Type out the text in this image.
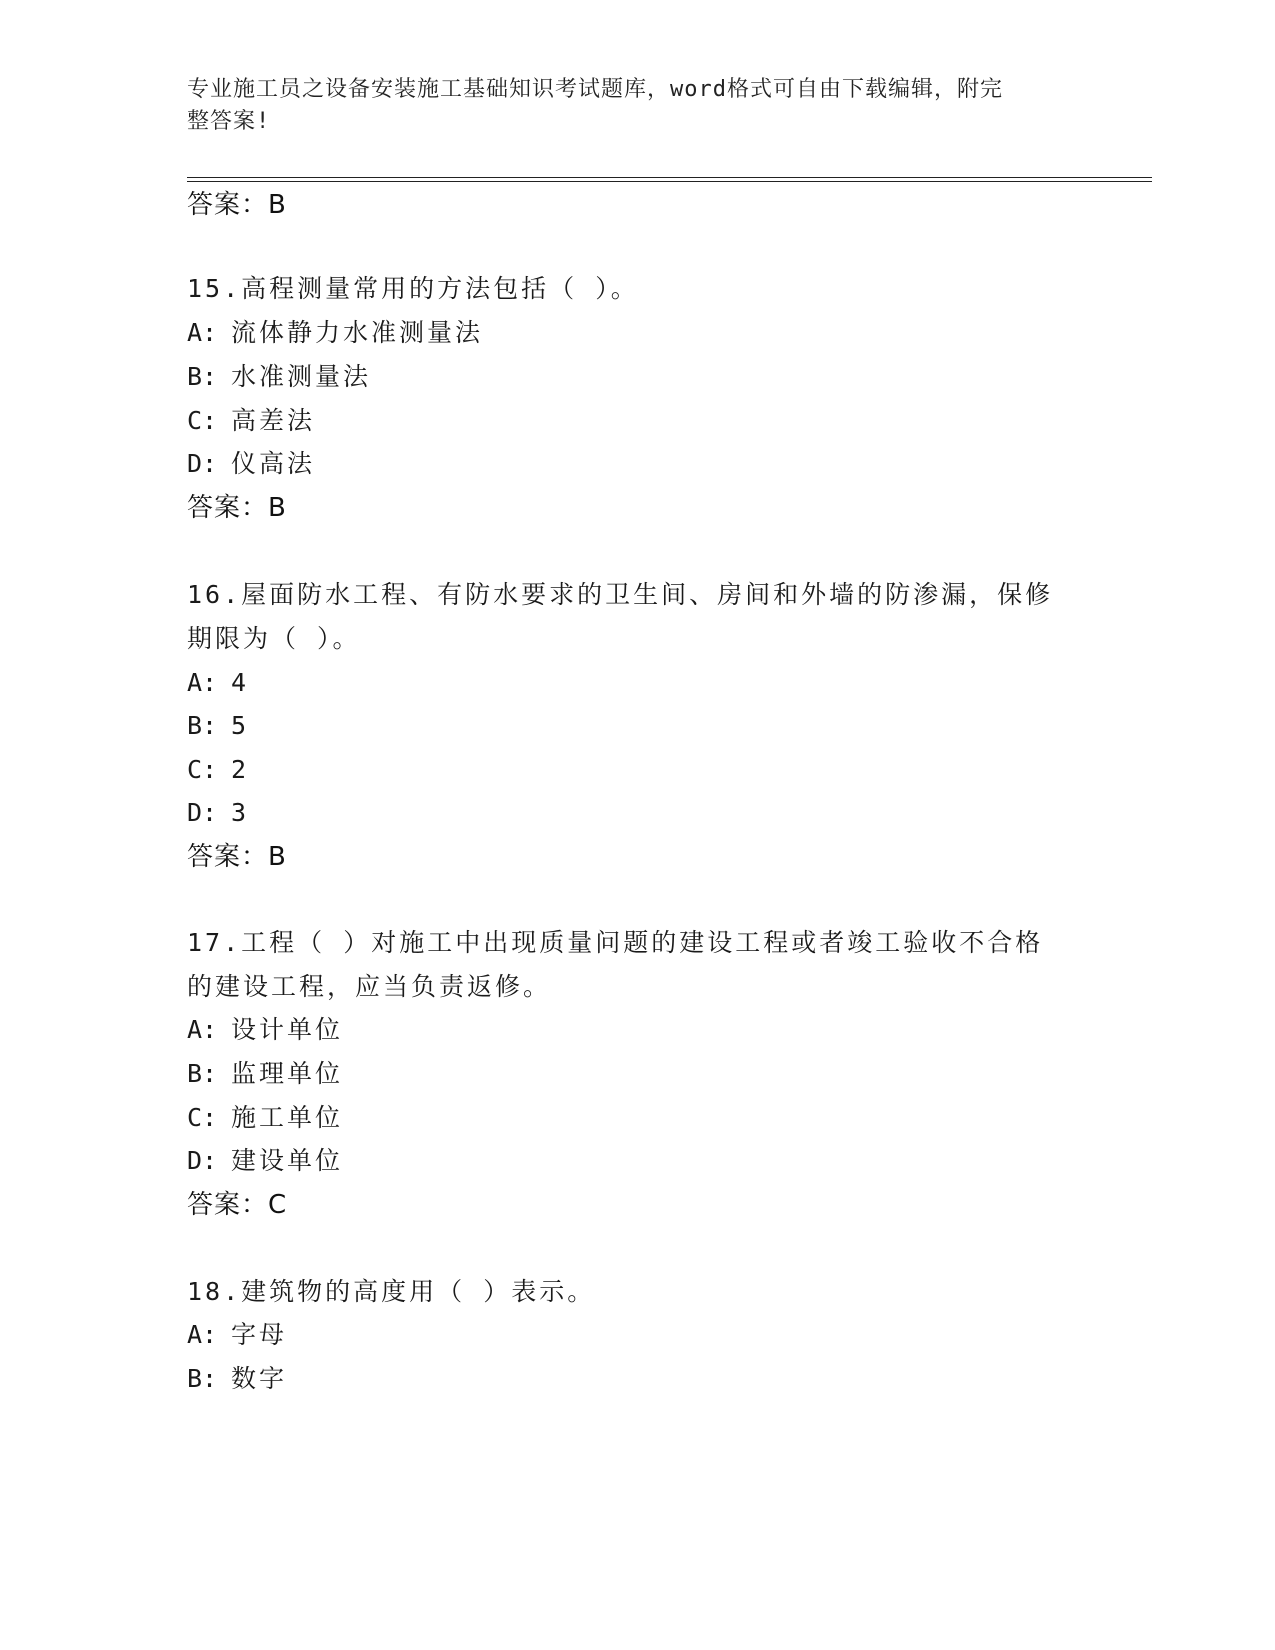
专业施工员之设备安装施工基础知识考试题库，word格式可自由下载编辑，附完
整答案!
答案：B
15.高程测量常用的方法包括（ ）。
A: 流体静力水准测量法
B: 水准测量法
C: 高差法
D: 仪高法
答案：B
16.屋面防水工程、有防水要求的卫生间、房间和外墙的防渗漏，保修
期限为（ ）。
A: 4
B: 5
C: 2
D: 3
答案：B
17.工程（ ）对施工中出现质量问题的建设工程或者竣工验收不合格
的建设工程，应当负责返修。
A: 设计单位
B: 监理单位
C: 施工单位
D: 建设单位
答案：C
18.建筑物的高度用（ ）表示。
A: 字母
B: 数字
